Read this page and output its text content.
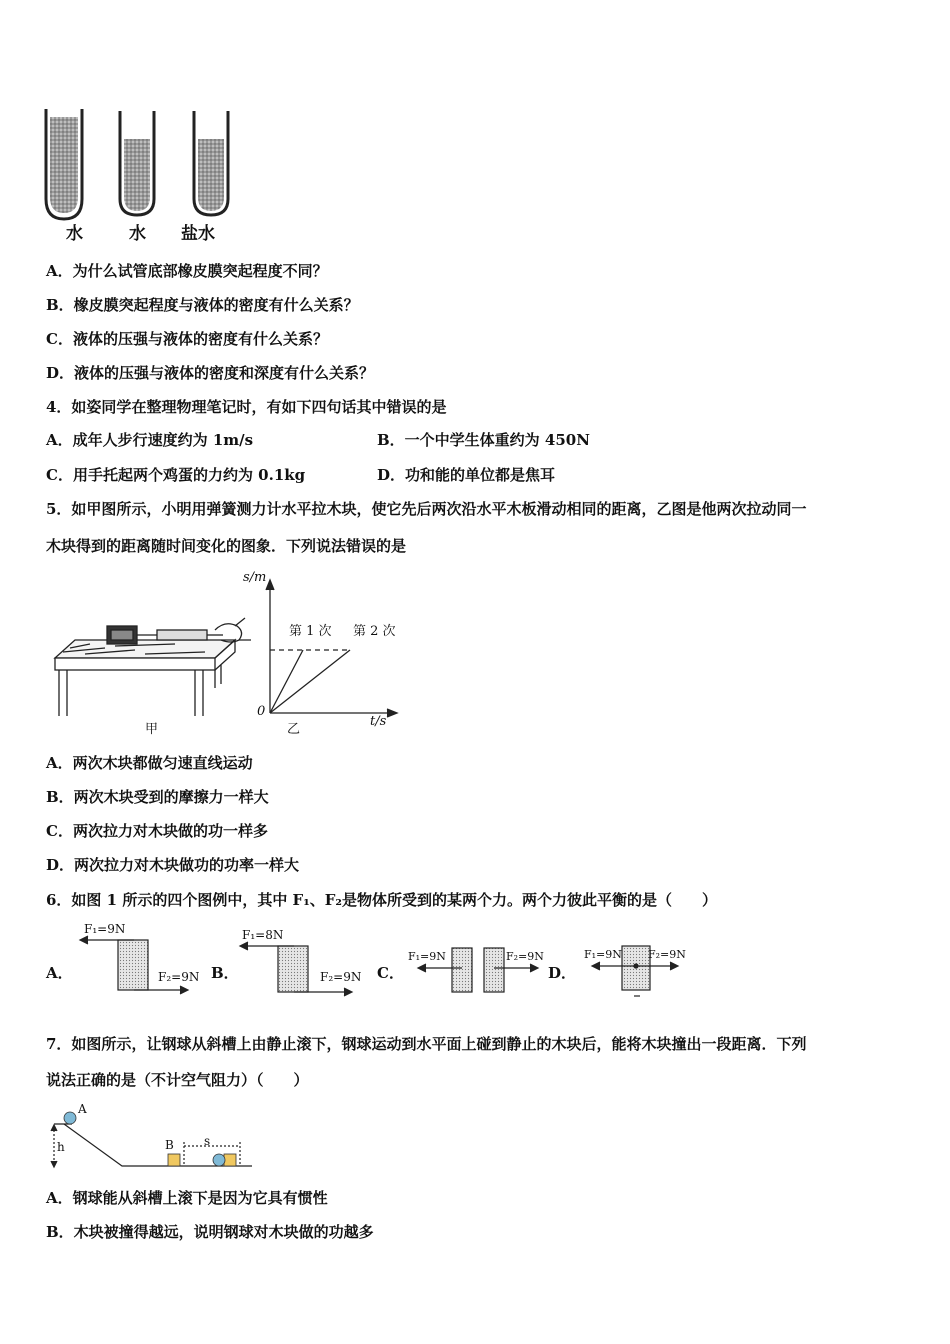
水	水 盐水
A．为什么试管底部橡皮膜突起程度不同？
B．橡皮膜突起程度与液体的密度有什么关系？
C．液体的压强与液体的密度有什么关系？
D．液体的压强与液体的密度和深度有什么关系？
4．如姿同学在整理物理笔记时，有如下四句话其中错误的是
A．成年人步行速度约为 1m/s	B．一个中学生体重约为 450N
C．用手托起两个鸡蛋的力约为 0.1kg	D．功和能的单位都是焦耳
5．如甲图所示，小明用弹簧测力计水平拉木块，使它先后两次沿水平木板滑动相同的距离，乙图是他两次拉动同一
木块得到的距离随时间变化的图象．下列说法错误的是
s/m
t/s
0
第 1 次 第 2 次
甲	乙
A．两次木块都做匀速直线运动
B．两次木块受到的摩擦力一样大
C．两次拉力对木块做的功一样多
D．两次拉力对木块做功的功率一样大
6．如图 1 所示的四个图例中，其中 F₁、F₂是物体所受到的某两个力。两个力彼此平衡的是（　　）
A．
F₁=9N
F₂=9N B．
F₁=8N
F₂=9N C．
F₁=9N	F₂=9N
D．
F₁=9N F₂=9N
7．如图所示，让钢球从斜槽上由静止滚下，钢球运动到水平面上碰到静止的木块后，能将木块撞出一段距离．下列
说法正确的是（不计空气阻力）（　　）
A
h	B	s
A．钢球能从斜槽上滚下是因为它具有惯性
B．木块被撞得越远，说明钢球对木块做的功越多
